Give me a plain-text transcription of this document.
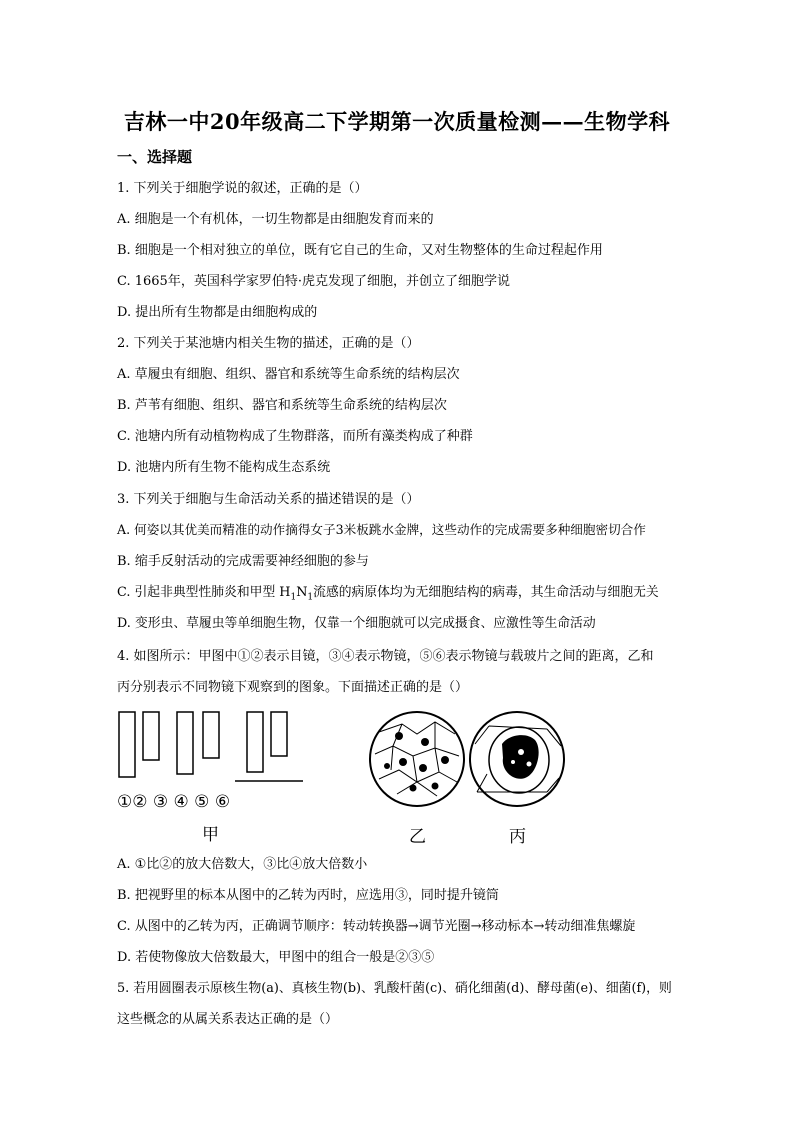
吉林一中20年级高二下学期第一次质量检测——生物学科
一、选择题
1. 下列关于细胞学说的叙述，正确的是（）
A. 细胞是一个有机体，一切生物都是由细胞发育而来的
B. 细胞是一个相对独立的单位，既有它自己的生命，又对生物整体的生命过程起作用
C. 1665年，英国科学家罗伯特·虎克发现了细胞，并创立了细胞学说
D. 提出所有生物都是由细胞构成的
2. 下列关于某池塘内相关生物的描述，正确的是（）
A. 草履虫有细胞、组织、器官和系统等生命系统的结构层次
B. 芦苇有细胞、组织、器官和系统等生命系统的结构层次
C. 池塘内所有动植物构成了生物群落，而所有藻类构成了种群
D. 池塘内所有生物不能构成生态系统
3. 下列关于细胞与生命活动关系的描述错误的是（）
A. 何姿以其优美而精准的动作摘得女子3米板跳水金牌，这些动作的完成需要多种细胞密切合作
B. 缩手反射活动的完成需要神经细胞的参与
C. 引起非典型性肺炎和甲型 $H_1N_1$流感的病原体均为无细胞结构的病毒，其生命活动与细胞无关
D. 变形虫、草履虫等单细胞生物，仅靠一个细胞就可以完成摄食、应激性等生命活动
4. 如图所示：甲图中①②表示目镜，③④表示物镜，⑤⑥表示物镜与载玻片之间的距离，乙和
丙分别表示不同物镜下观察到的图象。下面描述正确的是（）
①② ③ ④ ⑤ ⑥
甲	乙	丙
A. ①比②的放大倍数大，③比④放大倍数小
B. 把视野里的标本从图中的乙转为丙时，应选用③，同时提升镜筒
C. 从图中的乙转为丙，正确调节顺序：转动转换器→调节光圈→移动标本→转动细准焦螺旋
D. 若使物像放大倍数最大，甲图中的组合一般是②③⑤
5. 若用圆圈表示原核生物(a)、真核生物(b)、乳酸杆菌(c)、硝化细菌(d)、酵母菌(e)、细菌(f)，则
这些概念的从属关系表达正确的是（）
